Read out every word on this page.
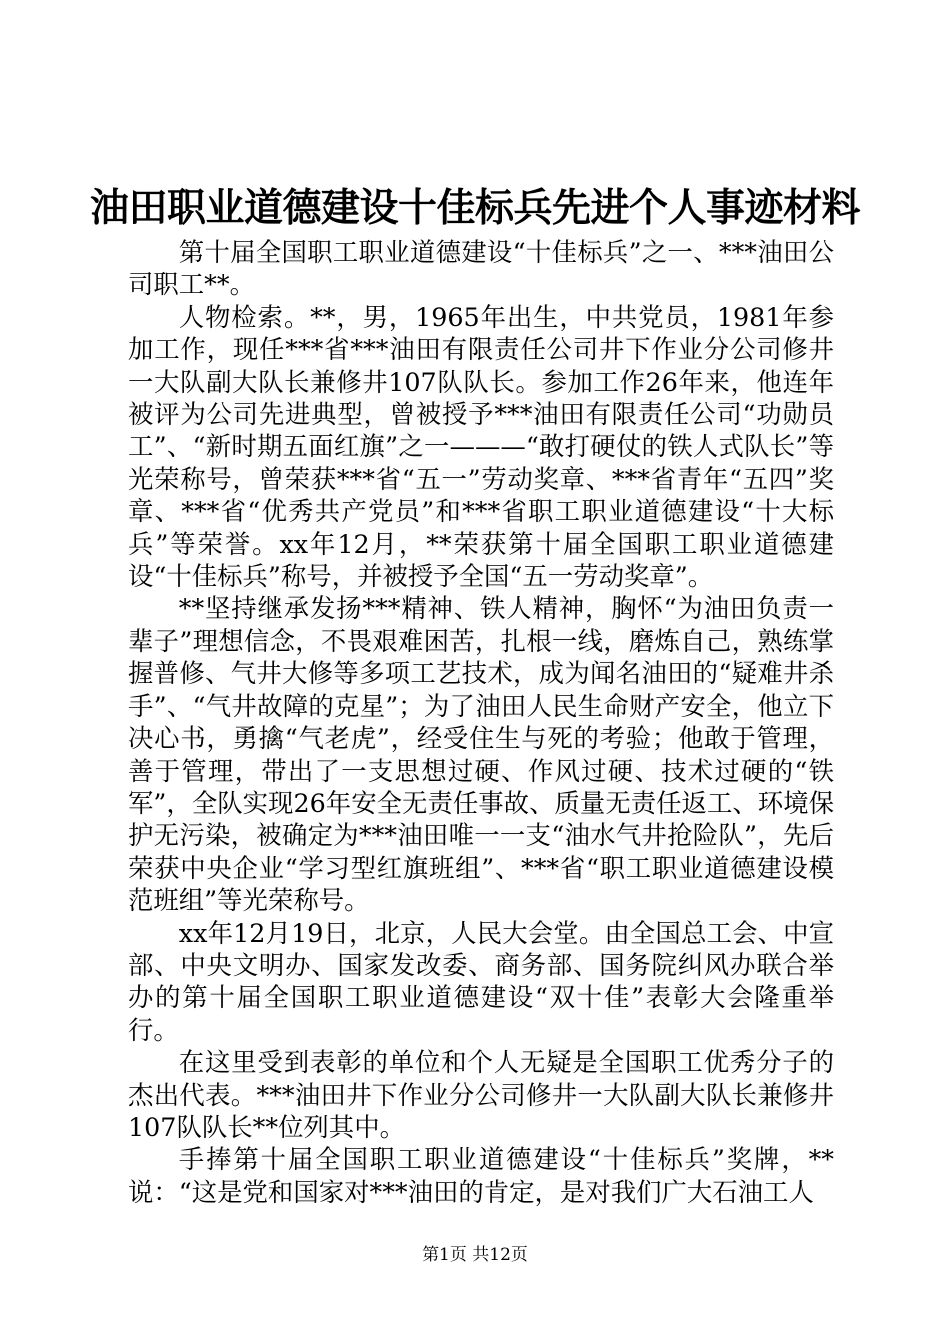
油田职业道德建设十佳标兵先进个人事迹材料

第十届全国职工职业道德建设“十佳标兵”之一、***油田公司职工**。

人物检索。**，男，1965年出生，中共党员，1981年参加工作，现任***省***油田有限责任公司井下作业分公司修井一大队副大队长兼修井107队队长。参加工作26年来，他连年被评为公司先进典型，曾被授予***油田有限责任公司“功勋员工”、“新时期五面红旗”之一———“敢打硬仗的铁人式队长”等光荣称号，曾荣获***省“五一”劳动奖章、***省青年“五四”奖章、***省“优秀共产党员”和***省职工职业道德建设“十大标兵”等荣誉。xx年12月，**荣获第十届全国职工职业道德建设“十佳标兵”称号，并被授予全国“五一劳动奖章”。

**坚持继承发扬***精神、铁人精神，胸怀“为油田负责一辈子”理想信念，不畏艰难困苦，扎根一线，磨炼自己，熟练掌握普修、气井大修等多项工艺技术，成为闻名油田的“疑难井杀手”、“气井故障的克星”；为了油田人民生命财产安全，他立下决心书，勇擒“气老虎”，经受住生与死的考验；他敢于管理，善于管理，带出了一支思想过硬、作风过硬、技术过硬的“铁军”，全队实现26年安全无责任事故、质量无责任返工、环境保护无污染，被确定为***油田唯一一支“油水气井抢险队”，先后荣获中央企业“学习型红旗班组”、***省“职工职业道德建设模范班组”等光荣称号。

xx年12月19日，北京，人民大会堂。由全国总工会、中宣部、中央文明办、国家发改委、商务部、国务院纠风办联合举办的第十届全国职工职业道德建设“双十佳”表彰大会隆重举行。

在这里受到表彰的单位和个人无疑是全国职工优秀分子的杰出代表。***油田井下作业分公司修井一大队副大队长兼修井107队队长**位列其中。

手捧第十届全国职工职业道德建设“十佳标兵”奖牌，**说：“这是党和国家对***油田的肯定，是对我们广大石油工人

第1页 共12页
